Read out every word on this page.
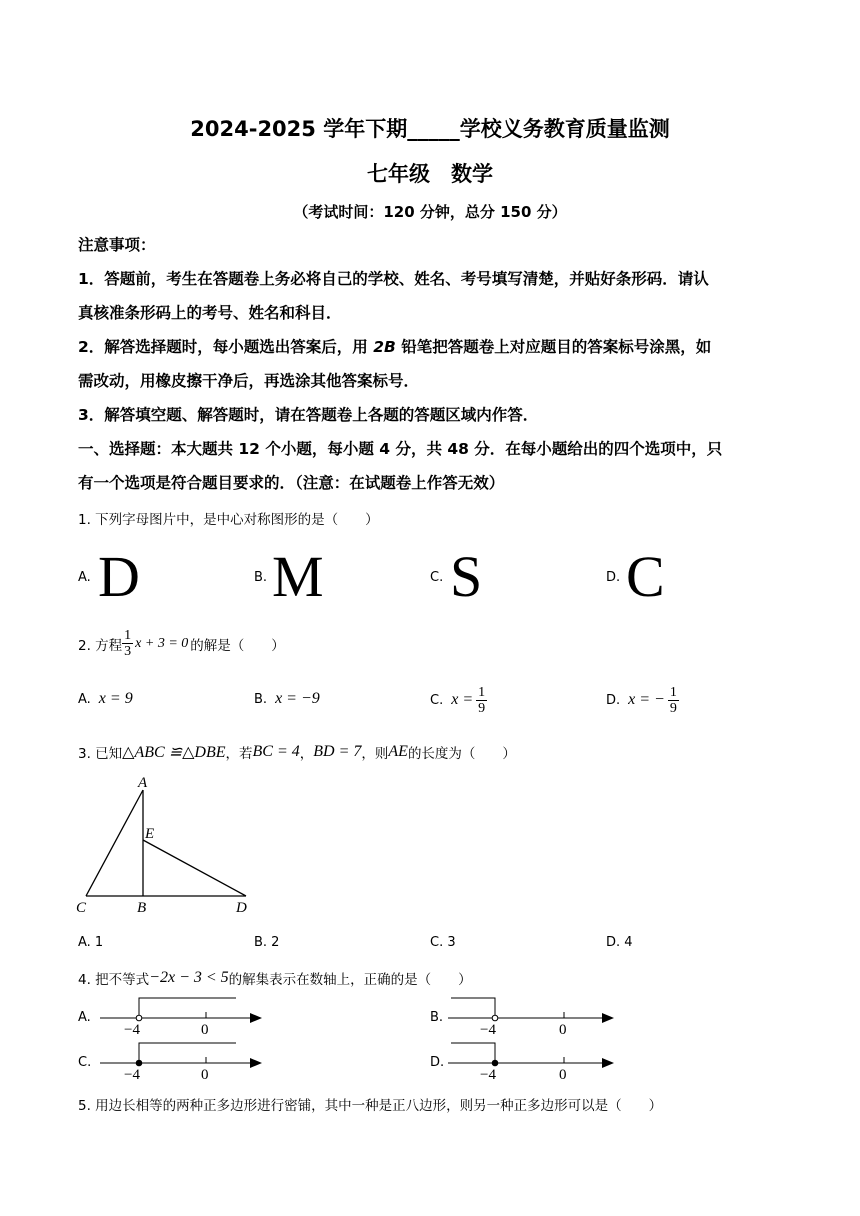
2024-2025 学年下期_____学校义务教育质量监测
七年级　数学
（考试时间：120 分钟，总分 150 分）
注意事项：
1．答题前，考生在答题卷上务必将自己的学校、姓名、考号填写清楚，并贴好条形码．请认
真核准条形码上的考号、姓名和科目．
2．解答选择题时，每小题选出答案后，用 2B 铅笔把答题卷上对应题目的答案标号涂黑，如
需改动，用橡皮擦干净后，再选涂其他答案标号．
3．解答填空题、解答题时，请在答题卷上各题的答题区域内作答．
一、选择题：本大题共 12 个小题，每小题 4 分，共 48 分．在每小题给出的四个选项中，只
有一个选项是符合题目要求的．（注意：在试题卷上作答无效）
1. 下列字母图片中，是中心对称图形的是（　　）
A. D	B. M	C. S	D. C
2. 方程 $\frac{1}{3}$ x + 3 = 0 的解是（　　）
A. x = 9	B. x = −9	C. $x = \frac{1}{9}$	D. x = − $\frac{1}{9}$
3. 已知 △ABC ≌△DBE ，若 BC = 4 ， BD = 7 ，则 AE 的长度为（　　）
A
E
C	B	D
A. 1	B. 2	C. 3	D. 4
4. 把不等式 −2x − 3 < 5 的解集表示在数轴上，正确的是（　　）
A.
−4	0
B.
−4	0
C.
−4	0
D.
−4	0
5. 用边长相等的两种正多边形进行密铺，其中一种是正八边形，则另一种正多边形可以是（　　）
